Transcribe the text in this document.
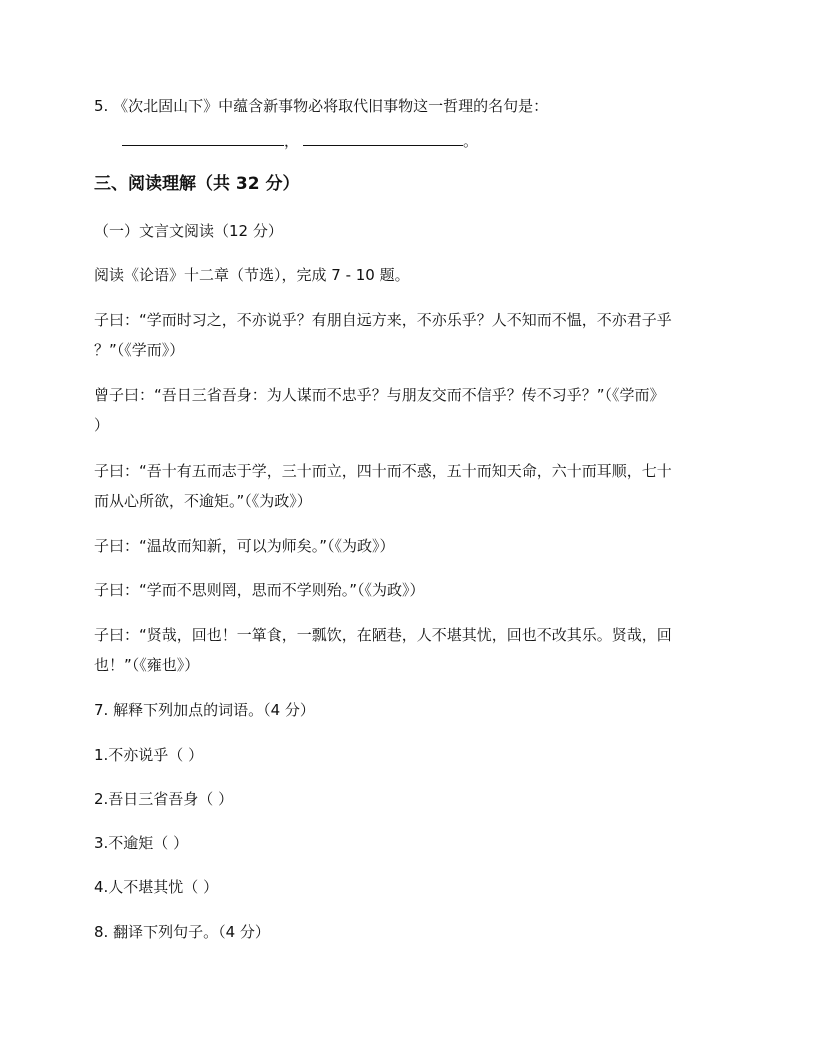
5. 《次北固山下》中蕴含新事物必将取代旧事物这一哲理的名句是：
，	。
三、阅读理解（共 32 分）
（一）文言文阅读（12 分）
阅读《论语》十二章（节选），完成 7 - 10 题。
子曰：“学而时习之，不亦说乎？有朋自远方来，不亦乐乎？人不知而不愠，不亦君子乎
？”（《学而》）
曾子曰：“吾日三省吾身：为人谋而不忠乎？与朋友交而不信乎？传不习乎？”（《学而》
）
子曰：“吾十有五而志于学，三十而立，四十而不惑，五十而知天命，六十而耳顺，七十
而从心所欲，不逾矩。”（《为政》）
子曰：“温故而知新，可以为师矣。”（《为政》）
子曰：“学而不思则罔，思而不学则殆。”（《为政》）
子曰：“贤哉，回也！一箪食，一瓢饮，在陋巷，人不堪其忧，回也不改其乐。贤哉，回
也！”（《雍也》）
7. 解释下列加点的词语。（4 分）
1.不亦说乎（ ）
2.吾日三省吾身（ ）
3.不逾矩（ ）
4.人不堪其忧（ ）
8. 翻译下列句子。（4 分）
